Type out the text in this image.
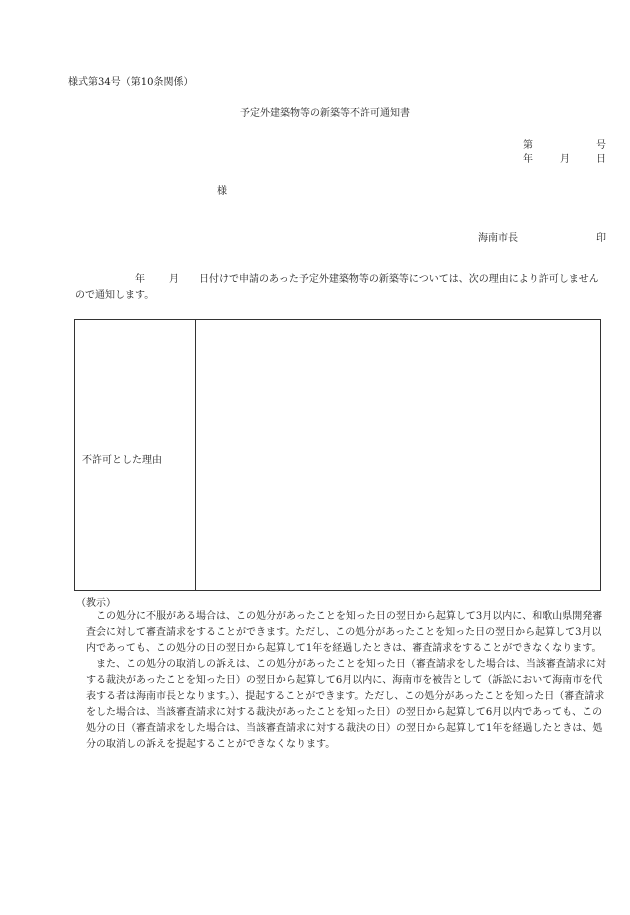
様式第34号（第10条関係）
予定外建築物等の新築等不許可通知書
第	号
年	月	日
様
海南市長	印
年 月 日付けで申請のあった予定外建築物等の新築等については、次の理由により許可しませんので通知します。
不許可とした理由
（教示）

この処分に不服がある場合は、この処分があったことを知った日の翌日から起算して3月以内に、和歌山県開発審査会に対して審査請求をすることができます。ただし、この処分があったことを知った日の翌日から起算して3月以内であっても、この処分の日の翌日から起算して1年を経過したときは、審査請求をすることができなくなります。

また、この処分の取消しの訴えは、この処分があったことを知った日（審査請求をした場合は、当該審査請求に対する裁決があったことを知った日）の翌日から起算して6月以内に、海南市を被告として（訴訟において海南市を代表する者は海南市長となります。）、提起することができます。ただし、この処分があったことを知った日（審査請求をした場合は、当該審査請求に対する裁決があったことを知った日）の翌日から起算して6月以内であっても、この処分の日（審査請求をした場合は、当該審査請求に対する裁決の日）の翌日から起算して1年を経過したときは、処分の取消しの訴えを提起することができなくなります。
